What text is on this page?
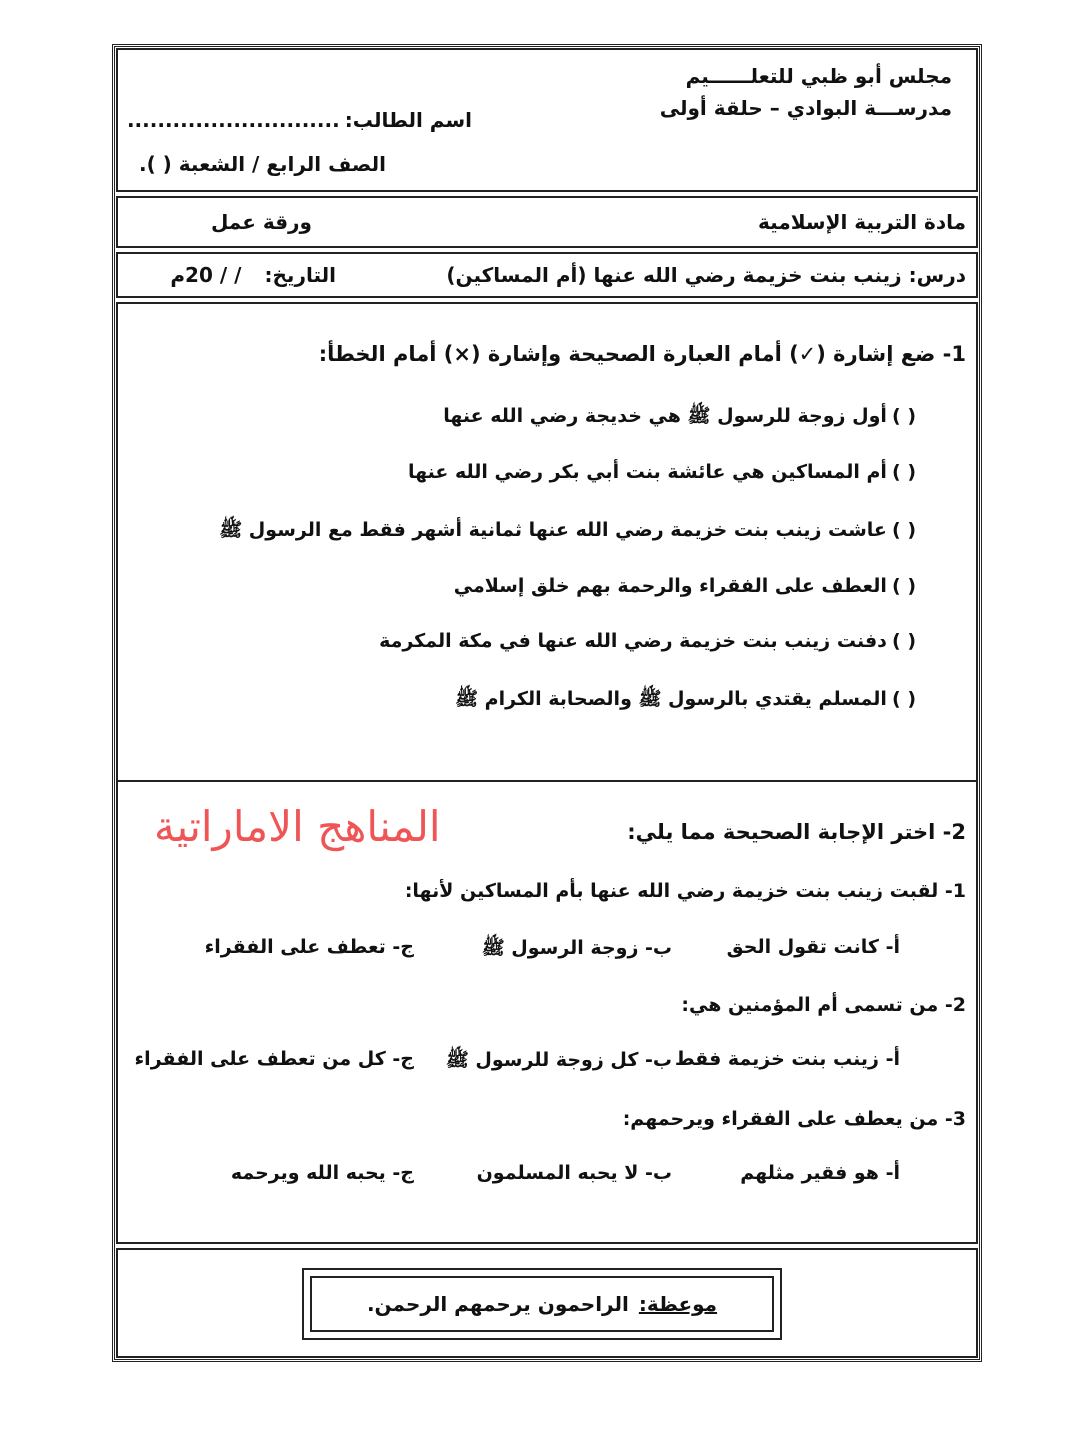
مجلس أبو ظبي للتعلــــــيم
مدرســـة البوادي – حلقة أولى
اسم الطالب: ............................
الصف الرابع / الشعبة ( ).
مادة التربية الإسلامية
ورقة عمل
درس: زينب بنت خزيمة رضي الله عنها (أم المساكين)
التاريخ: / / 20م
1- ضع إشارة (✓) أمام العبارة الصحيحة وإشارة (×) أمام الخطأ:
( ) أول زوجة للرسول ﷺ هي خديجة رضي الله عنها
( ) أم المساكين هي عائشة بنت أبي بكر رضي الله عنها
( ) عاشت زينب بنت خزيمة رضي الله عنها ثمانية أشهر فقط مع الرسول ﷺ
( ) العطف على الفقراء والرحمة بهم خلق إسلامي
( ) دفنت زينب بنت خزيمة رضي الله عنها في مكة المكرمة
( ) المسلم يقتدي بالرسول ﷺ والصحابة الكرام ﷺ
2- اختر الإجابة الصحيحة مما يلي:
المناهج الاماراتية
1- لقبت زينب بنت خزيمة رضي الله عنها بأم المساكين لأنها:
أ- كانت تقول الحق
ب- زوجة الرسول ﷺ
ج- تعطف على الفقراء
2- من تسمى أم المؤمنين هي:
أ- زينب بنت خزيمة فقط
ب- كل زوجة للرسول ﷺ
ج- كل من تعطف على الفقراء
3- من يعطف على الفقراء ويرحمهم:
أ- هو فقير مثلهم
ب- لا يحبه المسلمون
ج- يحبه الله ويرحمه
موعظة:
الراحمون يرحمهم الرحمن.
